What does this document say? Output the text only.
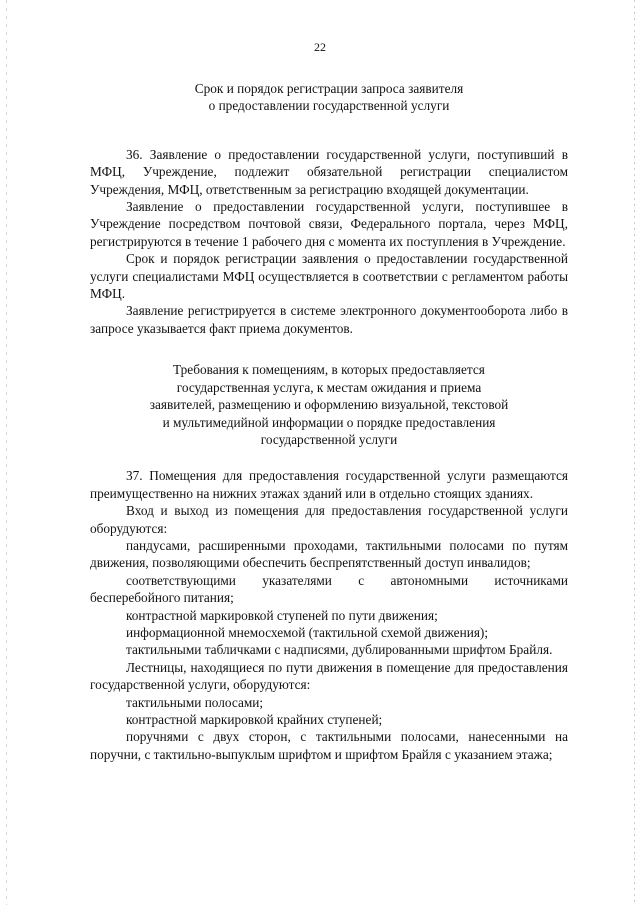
22
Срок и порядок регистрации запроса заявителя
о предоставлении государственной услуги

36. Заявление о предоставлении государственной услуги, поступивший в МФЦ, Учреждение, подлежит обязательной регистрации специалистом Учреждения, МФЦ, ответственным за регистрацию входящей документации.

Заявление о предоставлении государственной услуги, поступившее в Учреждение посредством почтовой связи, Федерального портала, через МФЦ, регистрируются в течение 1 рабочего дня с момента их поступления в Учреждение.

Срок и порядок регистрации заявления о предоставлении государственной услуги специалистами МФЦ осуществляется в соответствии с регламентом работы МФЦ.

Заявление регистрируется в системе электронного документооборота либо в запросе указывается факт приема документов.

Требования к помещениям, в которых предоставляется
государственная услуга, к местам ожидания и приема
заявителей, размещению и оформлению визуальной, текстовой
и мультимедийной информации о порядке предоставления
государственной услуги

37. Помещения для предоставления государственной услуги размещаются преимущественно на нижних этажах зданий или в отдельно стоящих зданиях.

Вход и выход из помещения для предоставления государственной услуги оборудуются:

пандусами, расширенными проходами, тактильными полосами по путям движения, позволяющими обеспечить беспрепятственный доступ инвалидов;

соответствующими указателями с автономными источниками бесперебойного питания;

контрастной маркировкой ступеней по пути движения;

информационной мнемосхемой (тактильной схемой движения);

тактильными табличками с надписями, дублированными шрифтом Брайля.

Лестницы, находящиеся по пути движения в помещение для предоставления государственной услуги, оборудуются:

тактильными полосами;

контрастной маркировкой крайних ступеней;

поручнями с двух сторон, с тактильными полосами, нанесенными на поручни, с тактильно-выпуклым шрифтом и шрифтом Брайля с указанием этажа;
